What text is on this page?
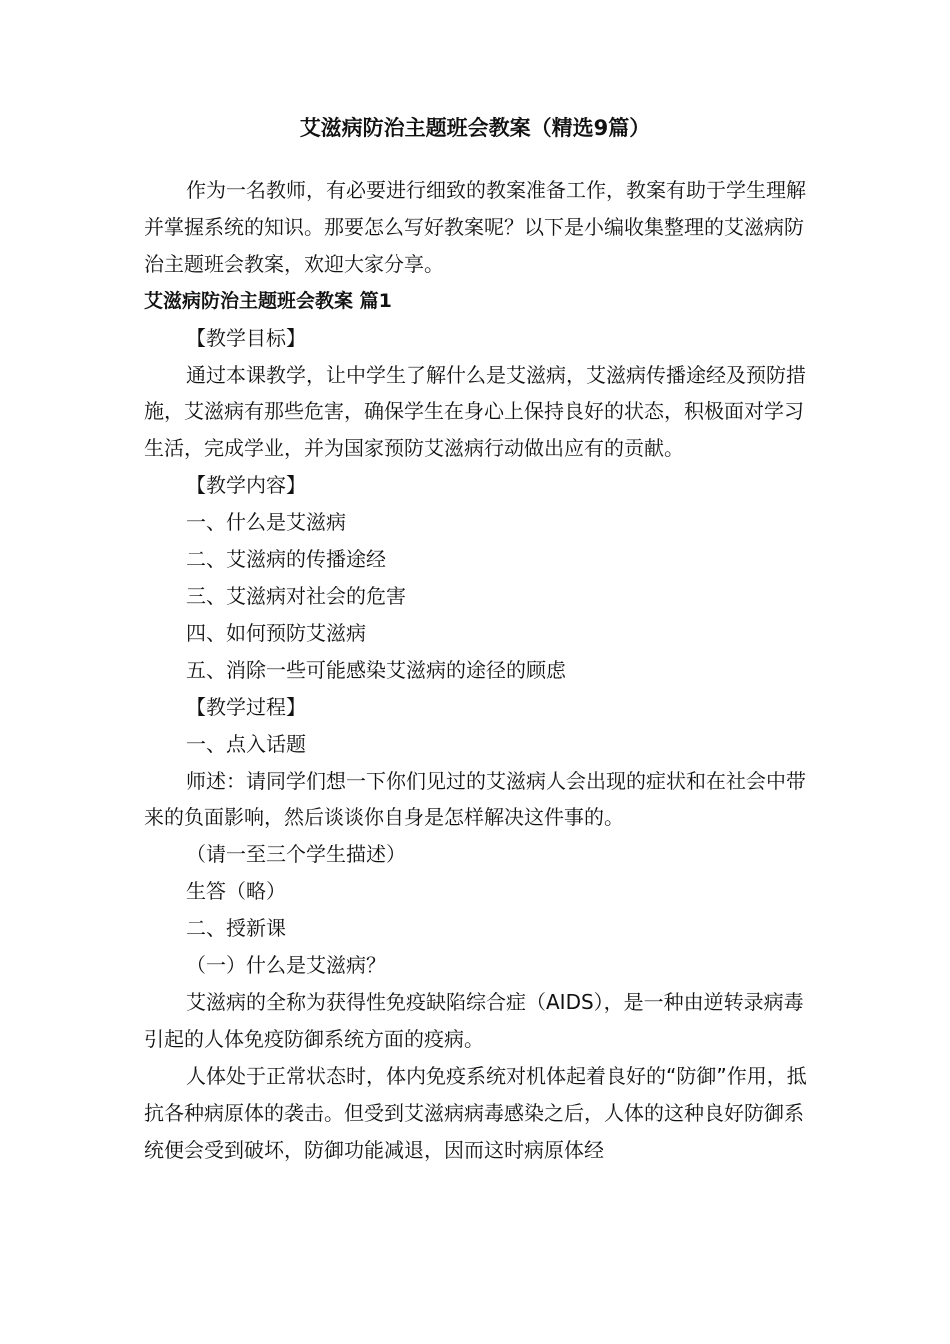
艾滋病防治主题班会教案（精选9篇）

作为一名教师，有必要进行细致的教案准备工作，教案有助于学生理解并掌握系统的知识。那要怎么写好教案呢？以下是小编收集整理的艾滋病防治主题班会教案，欢迎大家分享。

艾滋病防治主题班会教案 篇1

【教学目标】

通过本课教学，让中学生了解什么是艾滋病，艾滋病传播途经及预防措施，艾滋病有那些危害，确保学生在身心上保持良好的状态，积极面对学习生活，完成学业，并为国家预防艾滋病行动做出应有的贡献。

【教学内容】

一、什么是艾滋病

二、艾滋病的传播途经

三、艾滋病对社会的危害

四、如何预防艾滋病

五、消除一些可能感染艾滋病的途径的顾虑

【教学过程】

一、点入话题

师述：请同学们想一下你们见过的艾滋病人会出现的症状和在社会中带来的负面影响，然后谈谈你自身是怎样解决这件事的。

（请一至三个学生描述）

生答（略）

二、授新课

（一）什么是艾滋病？

艾滋病的全称为获得性免疫缺陷综合症（AIDS），是一种由逆转录病毒引起的人体免疫防御系统方面的疫病。

人体处于正常状态时，体内免疫系统对机体起着良好的“防御”作用，抵抗各种病原体的袭击。但受到艾滋病病毒感染之后，人体的这种良好防御系统便会受到破坏，防御功能减退，因而这时病原体经
